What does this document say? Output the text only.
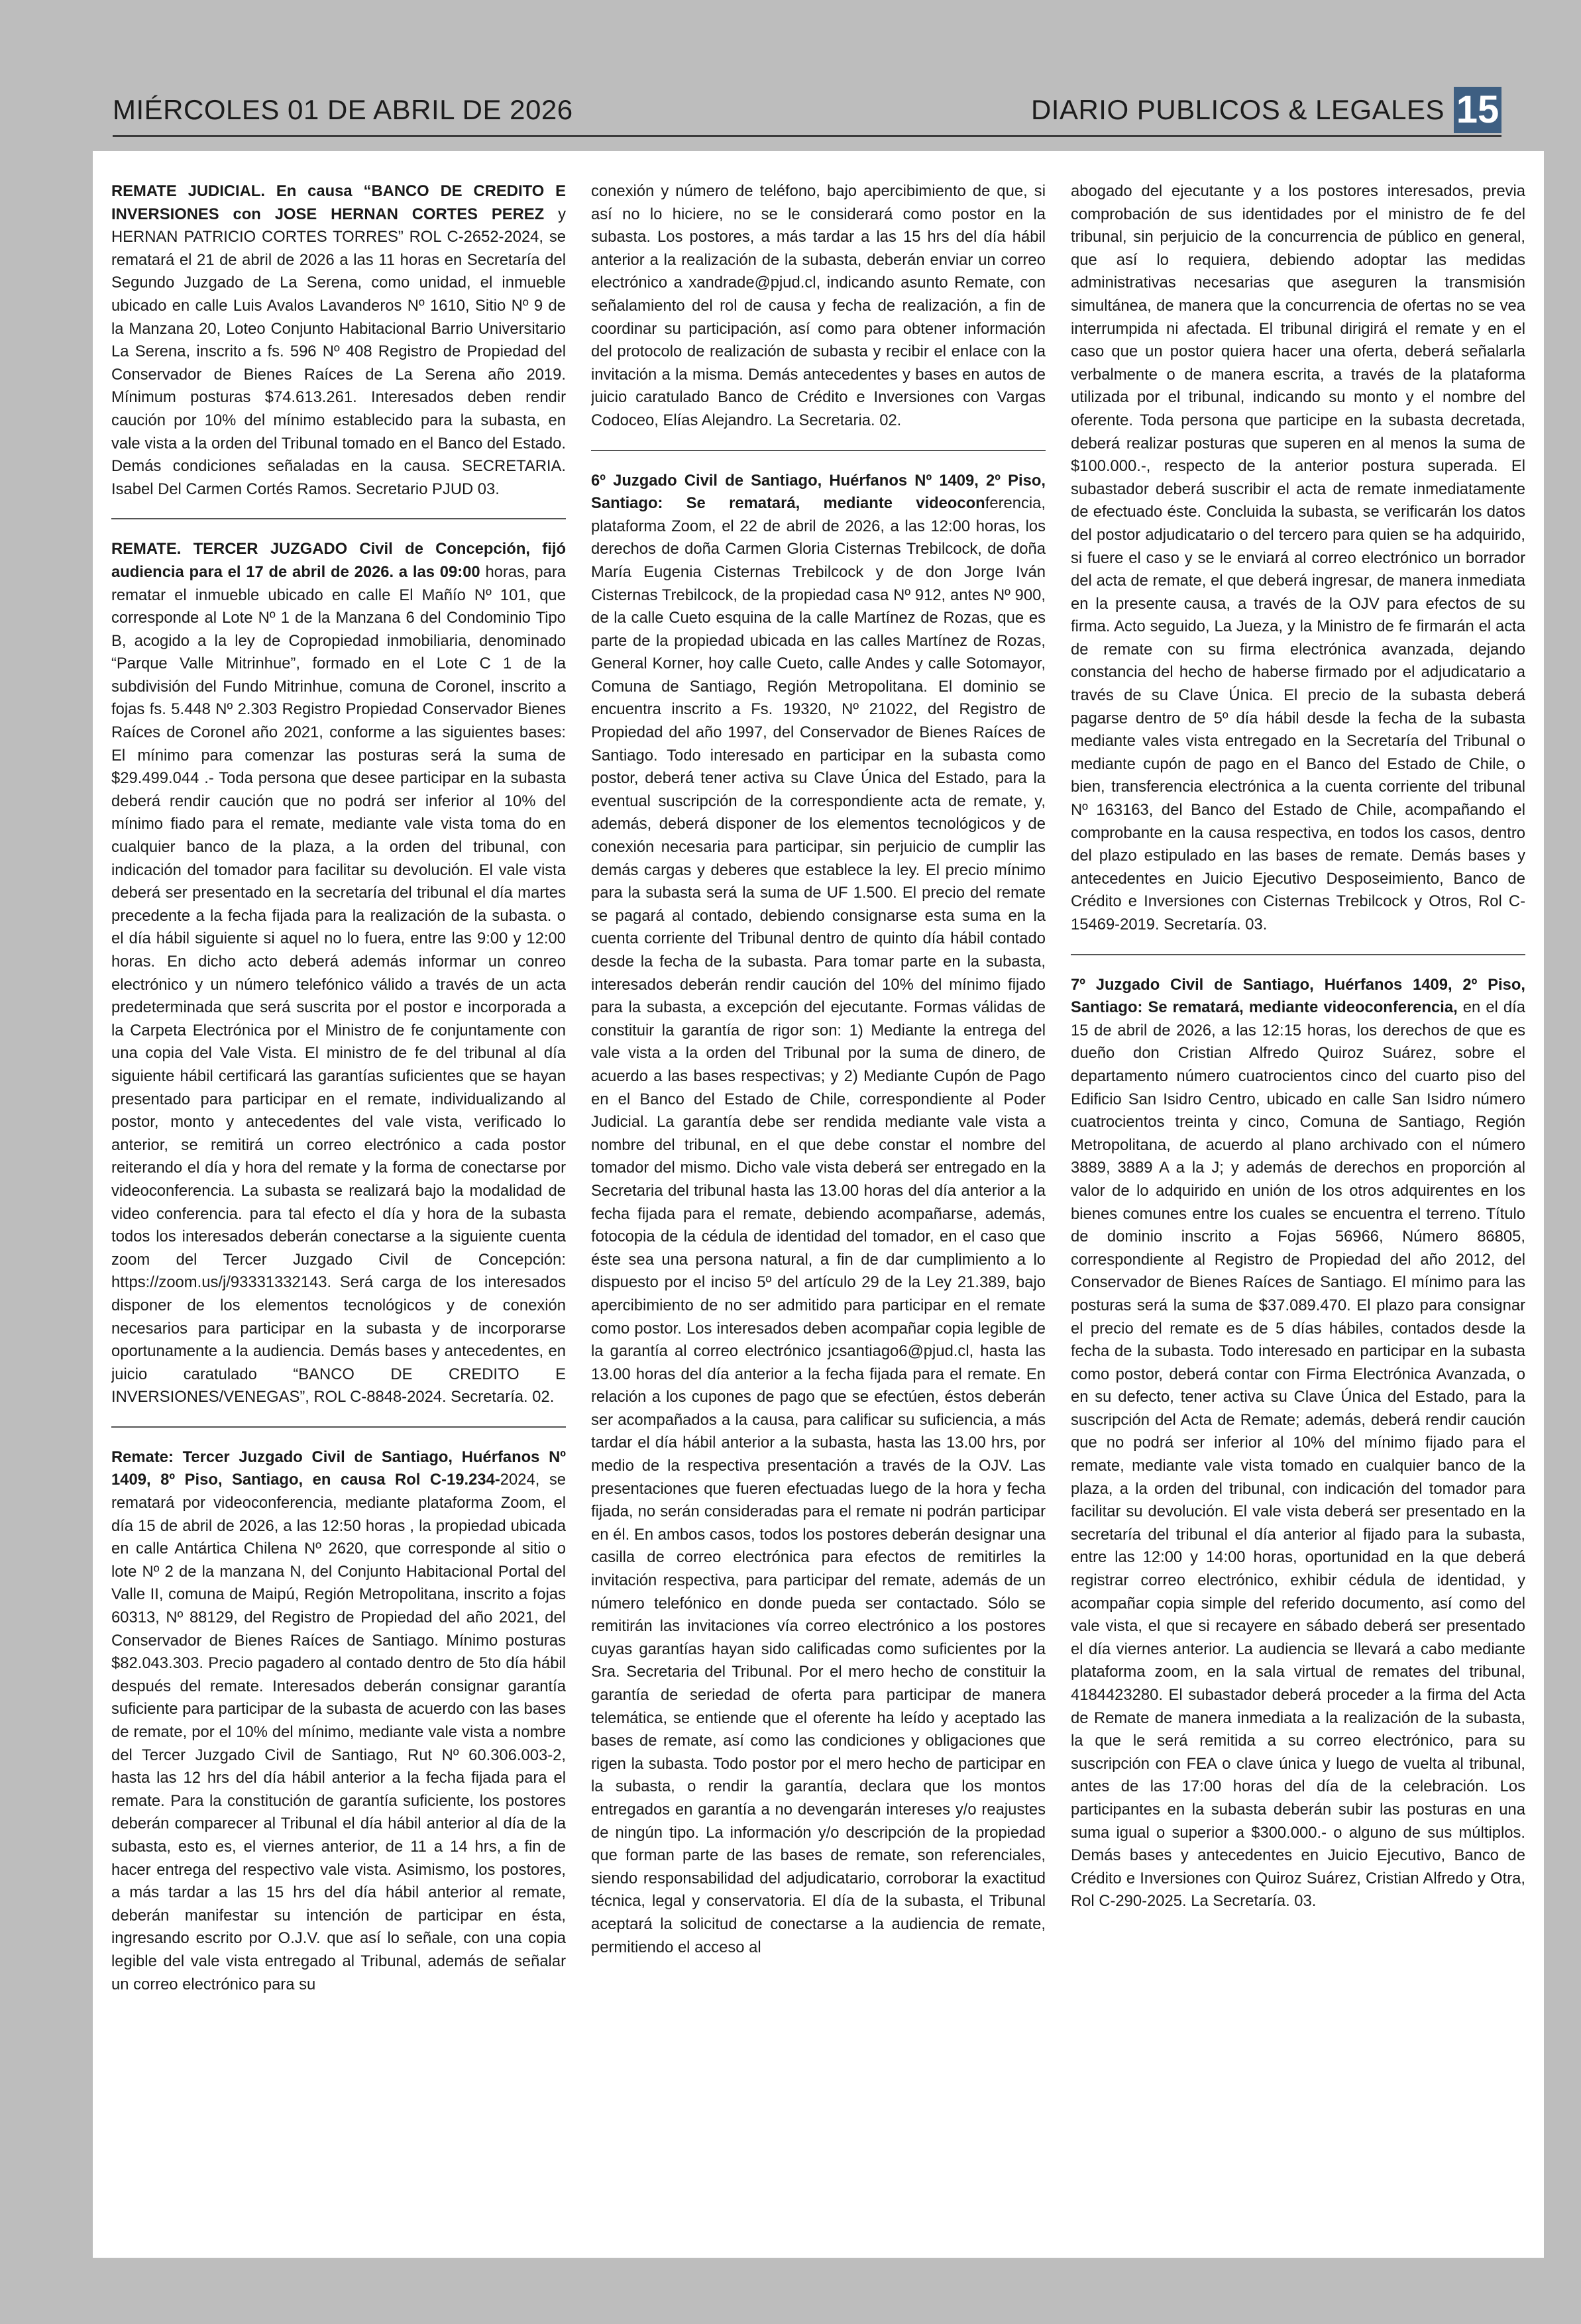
MIÉRCOLES 01 DE ABRIL DE 2026	DIARIO PUBLICOS & LEGALES 15

REMATE JUDICIAL. En causa “BANCO DE CREDITO E INVERSIONES con JOSE HERNAN CORTES PEREZ y HERNAN PATRICIO CORTES TORRES” ROL C-2652-2024, se rematará el 21 de abril de 2026 a las 11 horas en Secretaría del Segundo Juzgado de La Serena, como unidad, el inmueble ubicado en calle Luis Avalos Lavanderos Nº 1610, Sitio Nº 9 de la Manzana 20, Loteo Conjunto Habitacional Barrio Universitario La Serena, inscrito a fs. 596 Nº 408 Registro de Propiedad del Conservador de Bienes Raíces de La Serena año 2019. Mínimum posturas $74.613.261. Interesados deben rendir caución por 10% del mínimo establecido para la subasta, en vale vista a la orden del Tribunal tomado en el Banco del Estado. Demás condiciones señaladas en la causa. SECRETARIA. Isabel Del Carmen Cortés Ramos. Secretario PJUD 03.

REMATE. TERCER JUZGADO Civil de Concepción, fijó audiencia para el 17 de abril de 2026. a las 09:00 horas, para rematar el inmueble ubicado en calle El Mañío Nº 101, que corresponde al Lote Nº 1 de la Manzana 6 del Condominio Tipo B, acogido a la ley de Copropiedad inmobiliaria, denominado “Parque Valle Mitrinhue”, formado en el Lote C 1 de la subdivisión del Fundo Mitrinhue, comuna de Coronel, inscrito a fojas fs. 5.448 Nº 2.303 Registro Propiedad Conservador Bienes Raíces de Coronel año 2021, conforme a las siguientes bases: El mínimo para comenzar las posturas será la suma de $29.499.044 .- Toda persona que desee participar en la subasta deberá rendir caución que no podrá ser inferior al 10% del mínimo fiado para el remate, mediante vale vista toma do en cualquier banco de la plaza, a la orden del tribunal, con indicación del tomador para facilitar su devolución. El vale vista deberá ser presentado en la secretaría del tribunal el día martes precedente a la fecha fijada para la realización de la subasta. o el día hábil siguiente si aquel no lo fuera, entre las 9:00 y 12:00 horas. En dicho acto deberá además informar un conreo electrónico y un número telefónico válido a través de un acta predeterminada que será suscrita por el postor e incorporada a la Carpeta Electrónica por el Ministro de fe conjuntamente con una copia del Vale Vista. El ministro de fe del tribunal al día siguiente hábil certificará las garantías suficientes que se hayan presentado para participar en el remate, individualizando al postor, monto y antecedentes del vale vista, verificado lo anterior, se remitirá un correo electrónico a cada postor reiterando el día y hora del remate y la forma de conectarse por videoconferencia. La subasta se realizará bajo la modalidad de video conferencia. para tal efecto el día y hora de la subasta todos los interesados deberán conectarse a la siguiente cuenta zoom del Tercer Juzgado Civil de Concepción: https://zoom.us/j/93331332143. Será carga de los interesados disponer de los elementos tecnológicos y de conexión necesarios para participar en la subasta y de incorporarse oportunamente a la audiencia. Demás bases y antecedentes, en juicio caratulado “BANCO DE CREDITO E INVERSIONES/VENEGAS”, ROL C-8848-2024. Secretaría. 02.

Remate: Tercer Juzgado Civil de Santiago, Huérfanos Nº 1409, 8º Piso, Santiago, en causa Rol C-19.234-2024, se rematará por videoconferencia, mediante plataforma Zoom, el día 15 de abril de 2026, a las 12:50 horas , la propiedad ubicada en calle Antártica Chilena Nº 2620, que corresponde al sitio o lote Nº 2 de la manzana N, del Conjunto Habitacional Portal del Valle II, comuna de Maipú, Región Metropolitana, inscrito a fojas 60313, Nº 88129, del Registro de Propiedad del año 2021, del Conservador de Bienes Raíces de Santiago. Mínimo posturas $82.043.303. Precio pagadero al contado dentro de 5to día hábil después del remate. Interesados deberán consignar garantía suficiente para participar de la subasta de acuerdo con las bases de remate, por el 10% del mínimo, mediante vale vista a nombre del Tercer Juzgado Civil de Santiago, Rut Nº 60.306.003-2, hasta las 12 hrs del día hábil anterior a la fecha fijada para el remate. Para la constitución de garantía suficiente, los postores deberán comparecer al Tribunal el día hábil anterior al día de la subasta, esto es, el viernes anterior, de 11 a 14 hrs, a fin de hacer entrega del respectivo vale vista. Asimismo, los postores, a más tardar a las 15 hrs del día hábil anterior al remate, deberán manifestar su intención de participar en ésta, ingresando escrito por O.J.V. que así lo señale, con una copia legible del vale vista entregado al Tribunal, además de señalar un correo electrónico para su

conexión y número de teléfono, bajo apercibimiento de que, si así no lo hiciere, no se le considerará como postor en la subasta. Los postores, a más tardar a las 15 hrs del día hábil anterior a la realización de la subasta, deberán enviar un correo electrónico a xandrade@pjud.cl, indicando asunto Remate, con señalamiento del rol de causa y fecha de realización, a fin de coordinar su participación, así como para obtener información del protocolo de realización de subasta y recibir el enlace con la invitación a la misma. Demás antecedentes y bases en autos de juicio caratulado Banco de Crédito e Inversiones con Vargas Codoceo, Elías Alejandro. La Secretaria. 02.

6º Juzgado Civil de Santiago, Huérfanos Nº 1409, 2º Piso, Santiago: Se rematará, mediante videoconferencia, plataforma Zoom, el 22 de abril de 2026, a las 12:00 horas, los derechos de doña Carmen Gloria Cisternas Trebilcock, de doña María Eugenia Cisternas Trebilcock y de don Jorge Iván Cisternas Trebilcock, de la propiedad casa Nº 912, antes Nº 900, de la calle Cueto esquina de la calle Martínez de Rozas, que es parte de la propiedad ubicada en las calles Martínez de Rozas, General Korner, hoy calle Cueto, calle Andes y calle Sotomayor, Comuna de Santiago, Región Metropolitana. El dominio se encuentra inscrito a Fs. 19320, Nº 21022, del Registro de Propiedad del año 1997, del Conservador de Bienes Raíces de Santiago. Todo interesado en participar en la subasta como postor, deberá tener activa su Clave Única del Estado, para la eventual suscripción de la correspondiente acta de remate, y, además, deberá disponer de los elementos tecnológicos y de conexión necesaria para participar, sin perjuicio de cumplir las demás cargas y deberes que establece la ley. El precio mínimo para la subasta será la suma de UF 1.500. El precio del remate se pagará al contado, debiendo consignarse esta suma en la cuenta corriente del Tribunal dentro de quinto día hábil contado desde la fecha de la subasta. Para tomar parte en la subasta, interesados deberán rendir caución del 10% del mínimo fijado para la subasta, a excepción del ejecutante. Formas válidas de constituir la garantía de rigor son: 1) Mediante la entrega del vale vista a la orden del Tribunal por la suma de dinero, de acuerdo a las bases respectivas; y 2) Mediante Cupón de Pago en el Banco del Estado de Chile, correspondiente al Poder Judicial. La garantía debe ser rendida mediante vale vista a nombre del tribunal, en el que debe constar el nombre del tomador del mismo. Dicho vale vista deberá ser entregado en la Secretaria del tribunal hasta las 13.00 horas del día anterior a la fecha fijada para el remate, debiendo acompañarse, además, fotocopia de la cédula de identidad del tomador, en el caso que éste sea una persona natural, a fin de dar cumplimiento a lo dispuesto por el inciso 5º del artículo 29 de la Ley 21.389, bajo apercibimiento de no ser admitido para participar en el remate como postor. Los interesados deben acompañar copia legible de la garantía al correo electrónico jcsantiago6@pjud.cl, hasta las 13.00 horas del día anterior a la fecha fijada para el remate. En relación a los cupones de pago que se efectúen, éstos deberán ser acompañados a la causa, para calificar su suficiencia, a más tardar el día hábil anterior a la subasta, hasta las 13.00 hrs, por medio de la respectiva presentación a través de la OJV. Las presentaciones que fueren efectuadas luego de la hora y fecha fijada, no serán consideradas para el remate ni podrán participar en él. En ambos casos, todos los postores deberán designar una casilla de correo electrónica para efectos de remitirles la invitación respectiva, para participar del remate, además de un número telefónico en donde pueda ser contactado. Sólo se remitirán las invitaciones vía correo electrónico a los postores cuyas garantías hayan sido calificadas como suficientes por la Sra. Secretaria del Tribunal. Por el mero hecho de constituir la garantía de seriedad de oferta para participar de manera telemática, se entiende que el oferente ha leído y aceptado las bases de remate, así como las condiciones y obligaciones que rigen la subasta. Todo postor por el mero hecho de participar en la subasta, o rendir la garantía, declara que los montos entregados en garantía a no devengarán intereses y/o reajustes de ningún tipo. La información y/o descripción de la propiedad que forman parte de las bases de remate, son referenciales, siendo responsabilidad del adjudicatario, corroborar la exactitud técnica, legal y conservatoria. El día de la subasta, el Tribunal aceptará la solicitud de conectarse a la audiencia de remate, permitiendo el acceso al

abogado del ejecutante y a los postores interesados, previa comprobación de sus identidades por el ministro de fe del tribunal, sin perjuicio de la concurrencia de público en general, que así lo requiera, debiendo adoptar las medidas administrativas necesarias que aseguren la transmisión simultánea, de manera que la concurrencia de ofertas no se vea interrumpida ni afectada. El tribunal dirigirá el remate y en el caso que un postor quiera hacer una oferta, deberá señalarla verbalmente o de manera escrita, a través de la plataforma utilizada por el tribunal, indicando su monto y el nombre del oferente. Toda persona que participe en la subasta decretada, deberá realizar posturas que superen en al menos la suma de $100.000.-, respecto de la anterior postura superada. El subastador deberá suscribir el acta de remate inmediatamente de efectuado éste. Concluida la subasta, se verificarán los datos del postor adjudicatario o del tercero para quien se ha adquirido, si fuere el caso y se le enviará al correo electrónico un borrador del acta de remate, el que deberá ingresar, de manera inmediata en la presente causa, a través de la OJV para efectos de su firma. Acto seguido, La Jueza, y la Ministro de fe firmarán el acta de remate con su firma electrónica avanzada, dejando constancia del hecho de haberse firmado por el adjudicatario a través de su Clave Única. El precio de la subasta deberá pagarse dentro de 5º día hábil desde la fecha de la subasta mediante vales vista entregado en la Secretaría del Tribunal o mediante cupón de pago en el Banco del Estado de Chile, o bien, transferencia electrónica a la cuenta corriente del tribunal Nº 163163, del Banco del Estado de Chile, acompañando el comprobante en la causa respectiva, en todos los casos, dentro del plazo estipulado en las bases de remate. Demás bases y antecedentes en Juicio Ejecutivo Desposeimiento, Banco de Crédito e Inversiones con Cisternas Trebilcock y Otros, Rol C-15469-2019. Secretaría. 03.

7º Juzgado Civil de Santiago, Huérfanos 1409, 2º Piso, Santiago: Se rematará, mediante videoconferencia, en el día 15 de abril de 2026, a las 12:15 horas, los derechos de que es dueño don Cristian Alfredo Quiroz Suárez, sobre el departamento número cuatrocientos cinco del cuarto piso del Edificio San Isidro Centro, ubicado en calle San Isidro número cuatrocientos treinta y cinco, Comuna de Santiago, Región Metropolitana, de acuerdo al plano archivado con el número 3889, 3889 A a la J; y además de derechos en proporción al valor de lo adquirido en unión de los otros adquirentes en los bienes comunes entre los cuales se encuentra el terreno. Título de dominio inscrito a Fojas 56966, Número 86805, correspondiente al Registro de Propiedad del año 2012, del Conservador de Bienes Raíces de Santiago. El mínimo para las posturas será la suma de $37.089.470. El plazo para consignar el precio del remate es de 5 días hábiles, contados desde la fecha de la subasta. Todo interesado en participar en la subasta como postor, deberá contar con Firma Electrónica Avanzada, o en su defecto, tener activa su Clave Única del Estado, para la suscripción del Acta de Remate; además, deberá rendir caución que no podrá ser inferior al 10% del mínimo fijado para el remate, mediante vale vista tomado en cualquier banco de la plaza, a la orden del tribunal, con indicación del tomador para facilitar su devolución. El vale vista deberá ser presentado en la secretaría del tribunal el día anterior al fijado para la subasta, entre las 12:00 y 14:00 horas, oportunidad en la que deberá registrar correo electrónico, exhibir cédula de identidad, y acompañar copia simple del referido documento, así como del vale vista, el que si recayere en sábado deberá ser presentado el día viernes anterior. La audiencia se llevará a cabo mediante plataforma zoom, en la sala virtual de remates del tribunal, 4184423280. El subastador deberá proceder a la firma del Acta de Remate de manera inmediata a la realización de la subasta, la que le será remitida a su correo electrónico, para su suscripción con FEA o clave única y luego de vuelta al tribunal, antes de las 17:00 horas del día de la celebración. Los participantes en la subasta deberán subir las posturas en una suma igual o superior a $300.000.- o alguno de sus múltiplos. Demás bases y antecedentes en Juicio Ejecutivo, Banco de Crédito e Inversiones con Quiroz Suárez, Cristian Alfredo y Otra, Rol C-290-2025. La Secretaría. 03.
